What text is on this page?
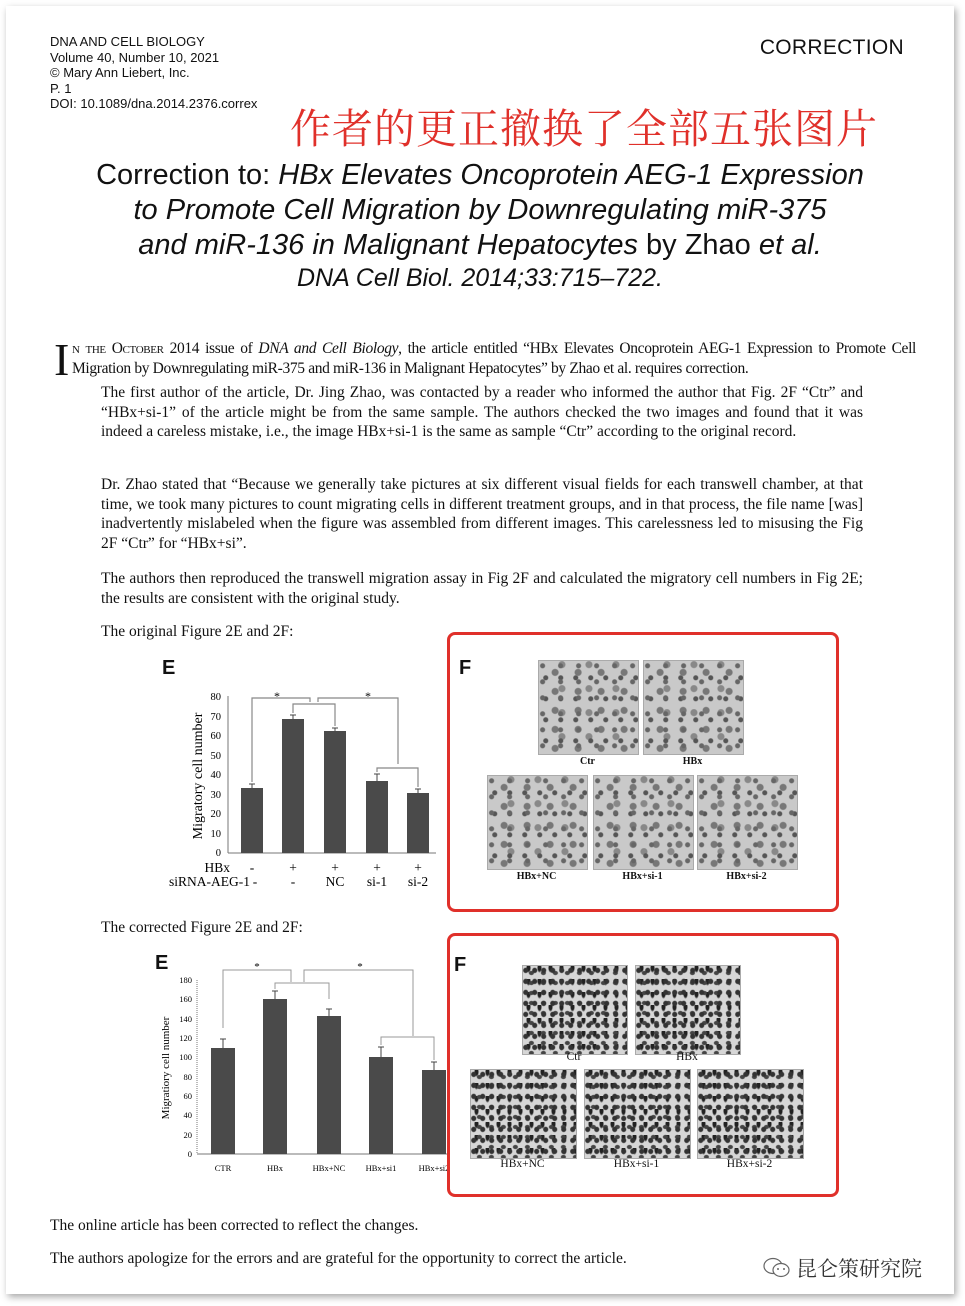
DNA AND CELL BIOLOGY
Volume 40, Number 10, 2021
© Mary Ann Liebert, Inc.
P. 1
DOI: 10.1089/dna.2014.2376.correx
CORRECTION
作者的更正撤换了全部五张图片
Correction to: HBx Elevates Oncoprotein AEG-1 Expression
to Promote Cell Migration by Downregulating miR-375
and miR-136 in Malignant Hepatocytes by Zhao et al.
DNA Cell Biol. 2014;33:715–722.
In the October 2014 issue of DNA and Cell Biology, the article entitled “HBx Elevates Oncoprotein AEG-1 Expression to Promote Cell Migration by Downregulating miR-375 and miR-136 in Malignant Hepatocytes” by Zhao et al. requires correction.
The first author of the article, Dr. Jing Zhao, was contacted by a reader who informed the author that Fig. 2F “Ctr” and “HBx+si-1” of the article might be from the same sample. The authors checked the two images and found that it was indeed a careless mistake, i.e., the image HBx+si-1 is the same as sample “Ctr” according to the original record.
Dr. Zhao stated that “Because we generally take pictures at six different visual fields for each transwell chamber, at that time, we took many pictures to count migrating cells in different treatment groups, and in that process, the file name [was] inadvertently mislabeled when the figure was assembled from different images. This carelessness led to misusing the Fig 2F “Ctr” for “HBx+si”.
The authors then reproduced the transwell migration assay in Fig 2F and calculated the migratory cell numbers in Fig 2E; the results are consistent with the original study.
The original Figure 2E and 2F:
E
Migratory cell number
80
70
60
50
40
30
20
10
0
*	*
HBx
siRNA-AEG-1
-	+	+	+ +
- - NC si-1 si-2
F
Ctr	HBx
HBx+NC	HBx+si-1	HBx+si-2
The corrected Figure 2E and 2F:
E
Migratiory cell number
180
160
140
120
100
80
60
40
20
0
*	*
CTR	HBx	HBx+NC HBx+si1	HBx+si2
F
Ctr	HBx
HBx+NC	HBx+si-1	HBx+si-2
The online article has been corrected to reflect the changes.
The authors apologize for the errors and are grateful for the opportunity to correct the article.	昆仑策研究院
